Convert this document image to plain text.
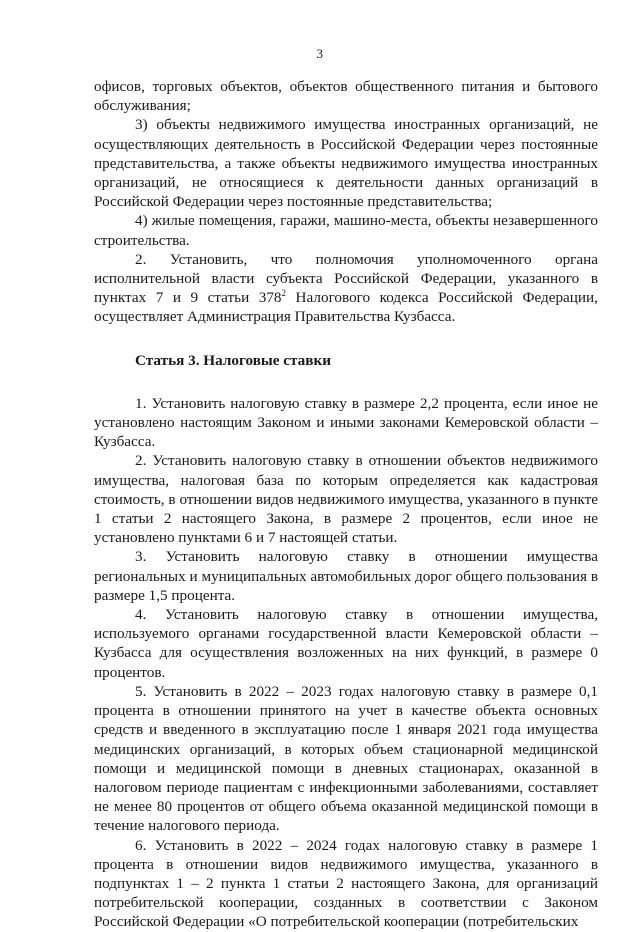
3

офисов, торговых объектов, объектов общественного питания и бытового обслуживания;

3) объекты недвижимого имущества иностранных организаций, не осуществляющих деятельность в Российской Федерации через постоянные представительства, а также объекты недвижимого имущества иностранных организаций, не относящиеся к деятельности данных организаций в Российской Федерации через постоянные представительства;

4) жилые помещения, гаражи, машино-места, объекты незавершенного строительства.

2. Установить, что полномочия уполномоченного органа исполнительной власти субъекта Российской Федерации, указанного в пунктах 7 и 9 статьи $378^2$ Налогового кодекса Российской Федерации, осуществляет Администрация Правительства Кузбасса.

Статья 3. Налоговые ставки

1. Установить налоговую ставку в размере 2,2 процента, если иное не установлено настоящим Законом и иными законами Кемеровской области – Кузбасса.

2. Установить налоговую ставку в отношении объектов недвижимого имущества, налоговая база по которым определяется как кадастровая стоимость, в отношении видов недвижимого имущества, указанного в пункте 1 статьи 2 настоящего Закона, в размере 2 процентов, если иное не установлено пунктами 6 и 7 настоящей статьи.

3. Установить налоговую ставку в отношении имущества региональных и муниципальных автомобильных дорог общего пользования в размере 1,5 процента.

4. Установить налоговую ставку в отношении имущества, используемого органами государственной власти Кемеровской области – Кузбасса для осуществления возложенных на них функций, в размере 0 процентов.

5. Установить в 2022 – 2023 годах налоговую ставку в размере 0,1 процента в отношении принятого на учет в качестве объекта основных средств и введенного в эксплуатацию после 1 января 2021 года имущества медицинских организаций, в которых объем стационарной медицинской помощи и медицинской помощи в дневных стационарах, оказанной в налоговом периоде пациентам с инфекционными заболеваниями, составляет не менее 80 процентов от общего объема оказанной медицинской помощи в течение налогового периода.

6. Установить в 2022 – 2024 годах налоговую ставку в размере 1 процента в отношении видов недвижимого имущества, указанного в подпунктах 1 – 2 пункта 1 статьи 2 настоящего Закона, для организаций потребительской кооперации, созданных в соответствии с Законом Российской Федерации «О потребительской кооперации (потребительских
